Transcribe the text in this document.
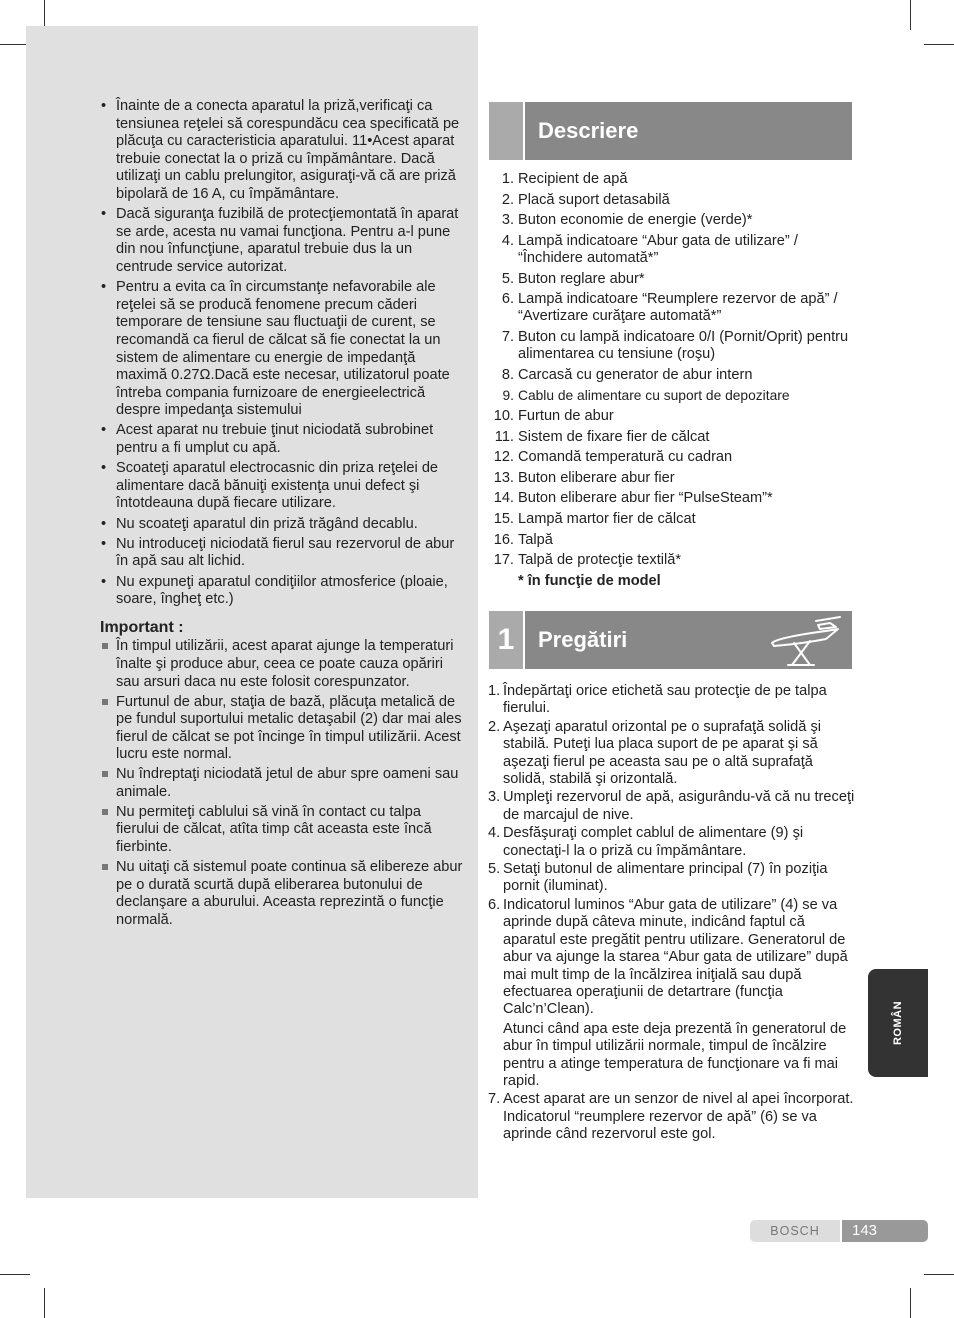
• Înainte de a conecta aparatul la priză,verificaţi ca tensiunea reţelei să corespundăcu cea specificată pe plăcuţa cu caracteristicia aparatului. 11•Acest aparat trebuie conectat la o priză cu împământare. Dacă utilizaţi un cablu prelungitor, asiguraţi-vă că are priză bipolară de 16 A, cu împământare.
• Dacă siguranţa fuzibilă de protecţiemontată în aparat se arde, acesta nu vamai funcţiona. Pentru a-l pune din nou înfuncţiune, aparatul trebuie dus la un centrude service autorizat.
• Pentru a evita ca în circumstanţe nefavorabile ale reţelei să se producă fenomene precum căderi temporare de tensiune sau fluctuaţii de curent, se recomandă ca fierul de călcat să fie conectat la un sistem de alimentare cu energie de impedanţă maximă 0.27Ω.Dacă este necesar, utilizatorul poate întreba compania furnizoare de energieelectrică despre impedanţa sistemului
• Acest aparat nu trebuie ţinut niciodată subrobinet pentru a fi umplut cu apă.
• Scoateţi aparatul electrocasnic din priza reţelei de alimentare dacă bănuiţi existenţa unui defect şi întotdeauna după fiecare utilizare.
• Nu scoateţi aparatul din priză trăgând decablu.
• Nu introduceţi niciodată fierul sau rezervorul de abur în apă sau alt lichid.
• Nu expuneţi aparatul condiţiilor atmosferice (ploaie, soare, îngheţ etc.)
Important :
În timpul utilizării, acest aparat ajunge la temperaturi înalte şi produce abur, ceea ce poate cauza opăriri sau arsuri daca nu este folosit corespunzator.
Furtunul de abur, staţia de bază, plăcuţa metalică de pe fundul suportului metalic detaşabil (2) dar mai ales fierul de călcat se pot încinge în timpul utilizării. Acest lucru este normal.
Nu îndreptaţi niciodată jetul de abur spre oameni sau animale.
Nu permiteţi cablului să vină în contact cu talpa fierului de călcat, atîta timp cât aceasta este încă fierbinte.
Nu uitaţi că sistemul poate continua să elibereze abur pe o durată scurtă după eliberarea butonului de declanşare a aburului. Aceasta reprezintă o funcţie normală.
Descriere
1. Recipient de apă
2. Placă suport detasabilă
3. Buton economie de energie (verde)*
4. Lampă indicatoare “Abur gata de utilizare” / “Închidere automată*”
5. Buton reglare abur*
6. Lampă indicatoare “Reumplere rezervor de apă” / “Avertizare curăţare automată*”
7. Buton cu lampă indicatoare 0/I (Pornit/Oprit) pentru alimentarea cu tensiune (roşu)
8. Carcasă cu generator de abur intern
9. Cablu de alimentare cu suport de depozitare
10. Furtun de abur
11. Sistem de fixare fier de călcat
12. Comandă temperatură cu cadran
13. Buton eliberare abur fier
14. Buton eliberare abur fier “PulseSteam”*
15. Lampă martor fier de călcat
16. Talpă
17. Talpă de protecţie textilă*
* în funcţie de model
1	Pregătiri
1. Îndepărtaţi orice etichetă sau protecţie de pe talpa fierului.
2. Aşezaţi aparatul orizontal pe o suprafaţă solidă şi stabilă. Puteţi lua placa suport de pe aparat şi să aşezaţi fierul pe aceasta sau pe o altă suprafaţă solidă, stabilă şi orizontală.
3. Umpleţi rezervorul de apă, asigurându-vă că nu treceţi de marcajul de nive.
4. Desfăşuraţi complet cablul de alimentare (9) şi conectaţi-l la o priză cu împământare.
5. Setaţi butonul de alimentare principal (7) în poziţia pornit (iluminat).
6. Indicatorul luminos “Abur gata de utilizare” (4) se va aprinde după câteva minute, indicând faptul că aparatul este pregătit pentru utilizare. Generatorul de abur va ajunge la starea “Abur gata de utilizare” după mai mult timp de la încălzirea iniţială sau după efectuarea operaţiunii de detartrare (funcţia Calc’n’Clean).
Atunci când apa este deja prezentă în generatorul de abur în timpul utilizării normale, timpul de încălzire pentru a atinge temperatura de funcţionare va fi mai rapid.
7. Acest aparat are un senzor de nivel al apei încorporat. Indicatorul “reumplere rezervor de apă” (6) se va aprinde când rezervorul este gol.
ROMÂN
BOSCH	143
